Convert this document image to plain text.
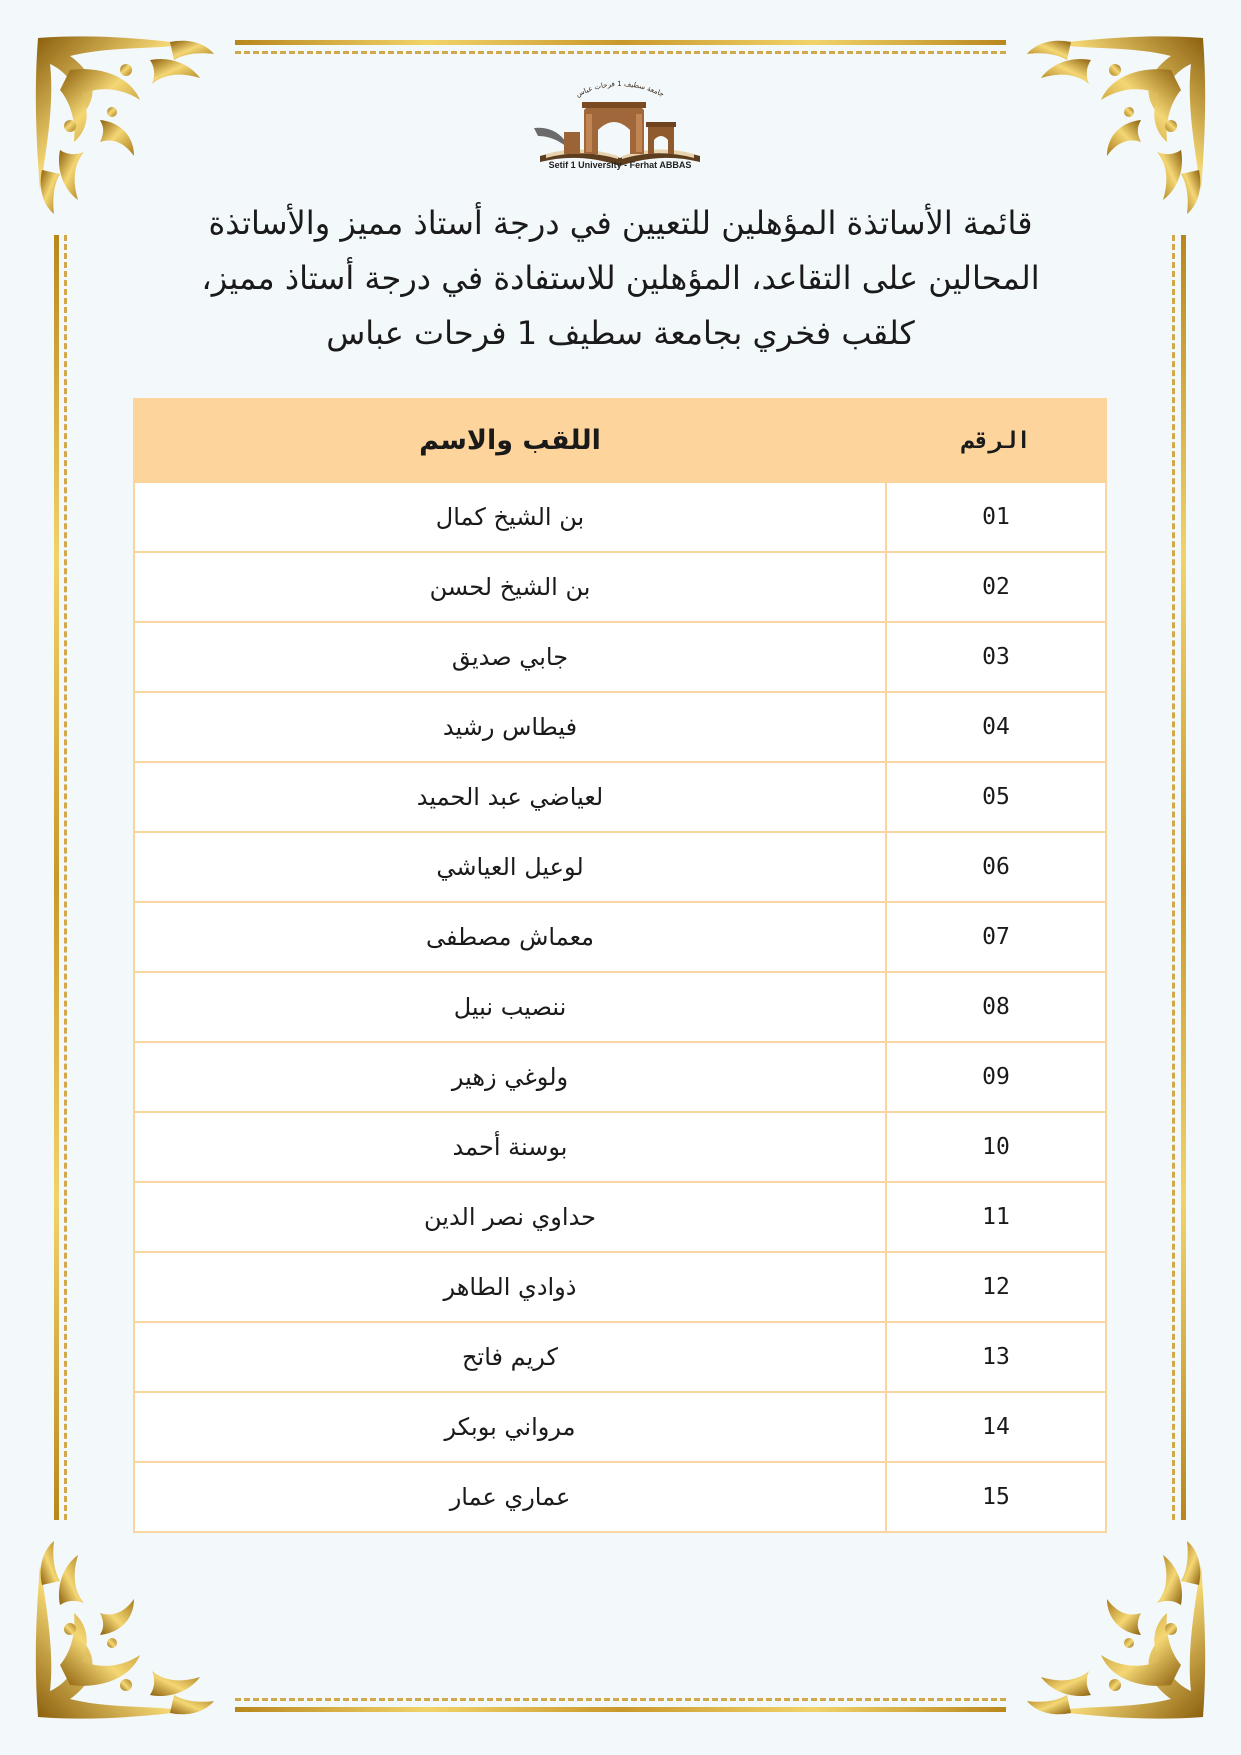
جامعة سطيف 1 فرحات عباس
Setif 1 University - Ferhat ABBAS
قائمة الأساتذة المؤهلين للتعيين في درجة أستاذ مميز والأساتذة
المحالين على التقاعد، المؤهلين للاستفادة في درجة أستاذ مميز،
كلقب فخري بجامعة سطيف 1 فرحات عباس
الرقم	اللقب والاسم
01	بن الشيخ كمال
02	بن الشيخ لحسن
03	جابي صديق
04	فيطاس رشيد
05	لعياضي عبد الحميد
06	لوعيل العياشي
07	معماش مصطفى
08	ننصيب نبيل
09	ولوغي زهير
10	بوسنة أحمد
11	حداوي نصر الدين
12	ذوادي الطاهر
13	كريم فاتح
14	مرواني بوبكر
15	عماري عمار
